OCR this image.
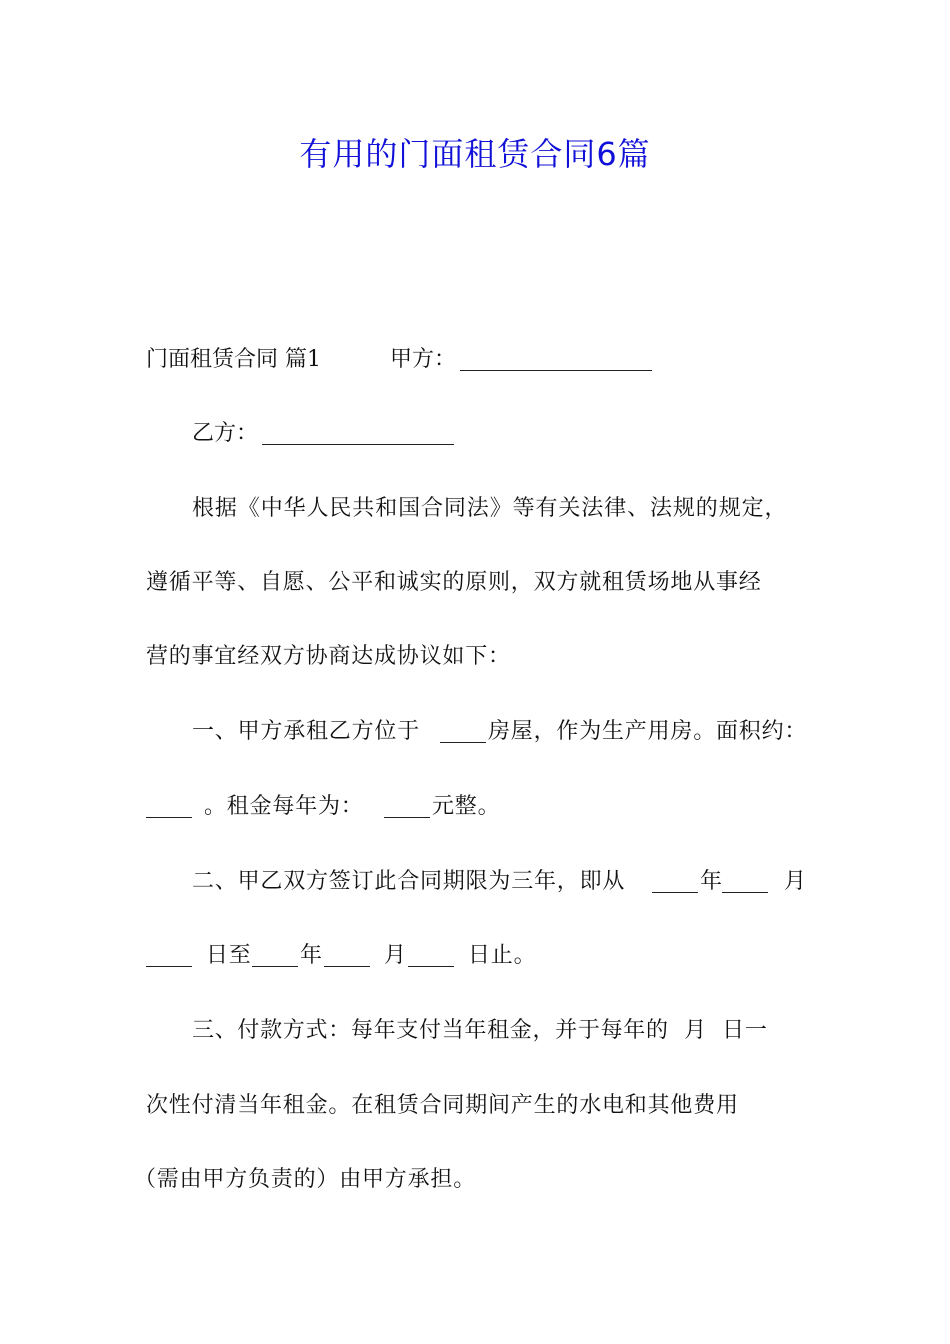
有用的门面租赁合同6篇
门面租赁合同 篇1	甲方：
乙方：
根据《中华人民共和国合同法》等有关法律、法规的规定，
遵循平等、自愿、公平和诚实的原则，双方就租赁场地从事经
营的事宜经双方协商达成协议如下：
一、甲方承租乙方位于	房屋，作为生产用房。面积约：
。租金每年为：	元整。
二、甲乙双方签订此合同期限为三年，即从	年	月
日至 年	月	日止。
三、付款方式：每年支付当年租金，并于每年的  月  日一
次性付清当年租金。在租赁合同期间产生的水电和其他费用
（需由甲方负责的）由甲方承担。
